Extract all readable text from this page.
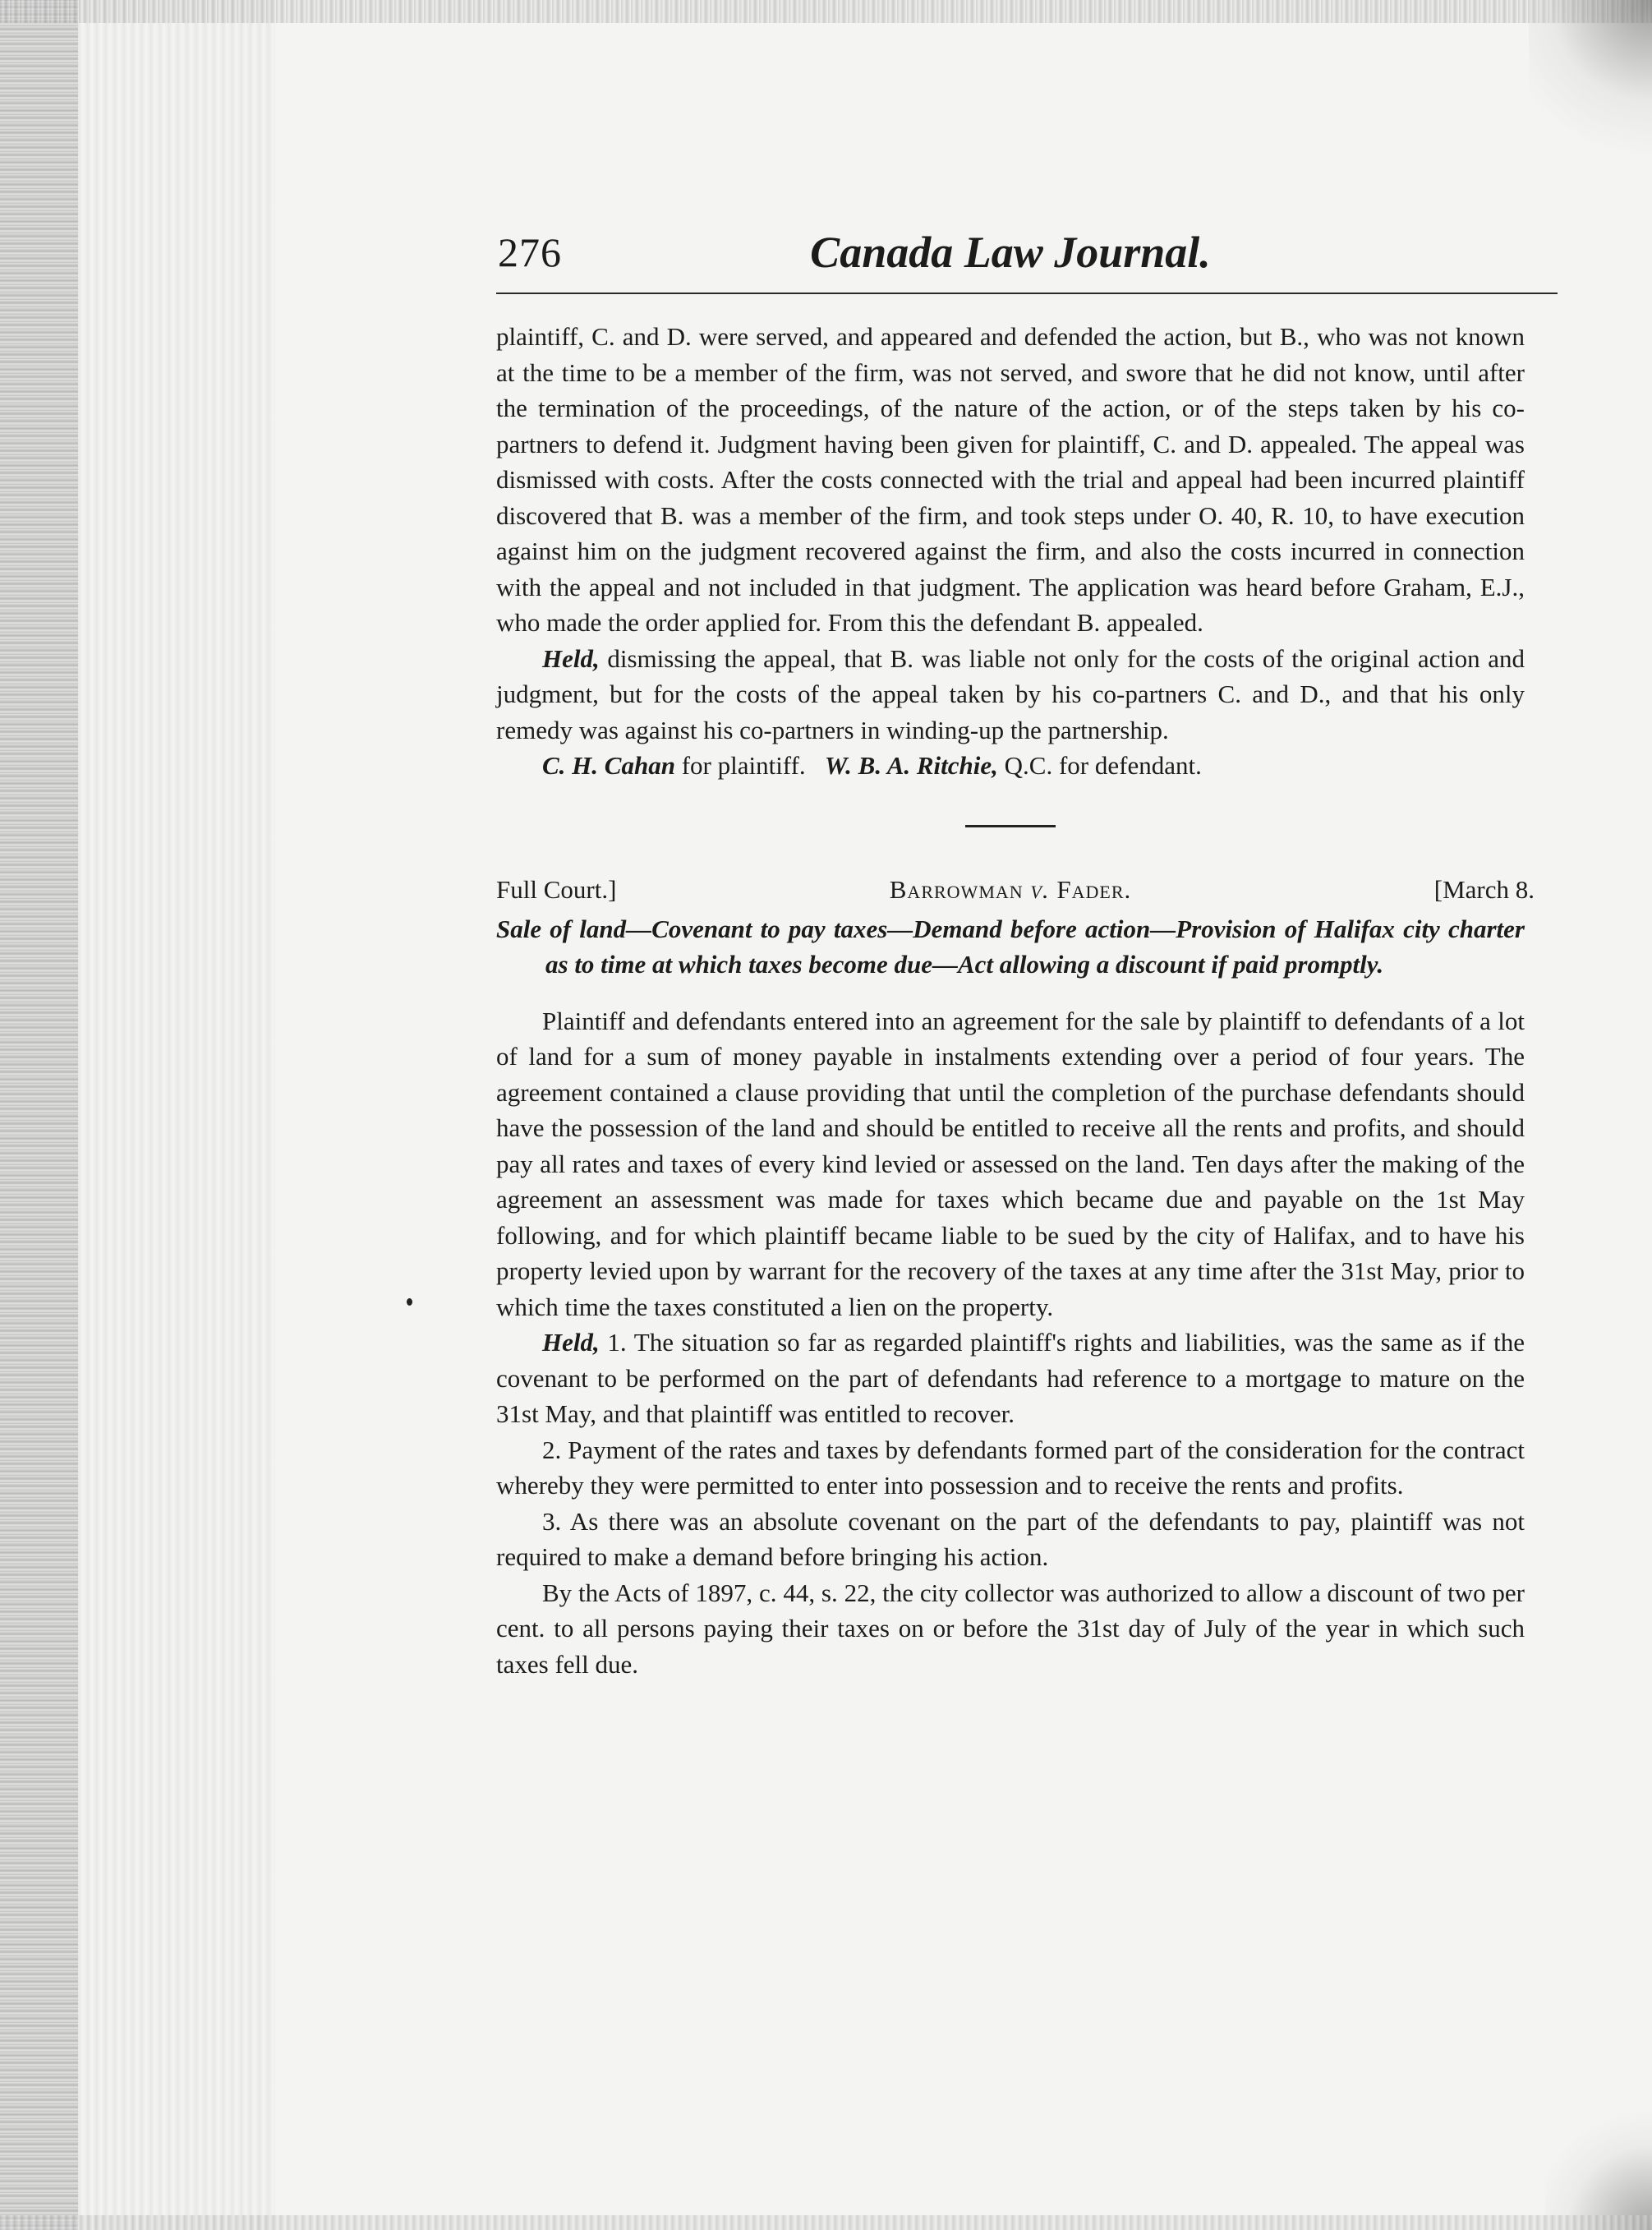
276	Canada Law Journal.

plaintiff, C. and D. were served, and appeared and defended the action, but B., who was not known at the time to be a member of the firm, was not served, and swore that he did not know, until after the termination of the proceedings, of the nature of the action, or of the steps taken by his co-partners to defend it. Judgment having been given for plaintiff, C. and D. appealed. The appeal was dismissed with costs. After the costs connected with the trial and appeal had been incurred plaintiff discovered that B. was a member of the firm, and took steps under O. 40, R. 10, to have execution against him on the judgment recovered against the firm, and also the costs incurred in connection with the appeal and not included in that judgment. The application was heard before Graham, E.J., who made the order applied for. From this the defendant B. appealed.

Held, dismissing the appeal, that B. was liable not only for the costs of the original action and judgment, but for the costs of the appeal taken by his co-partners C. and D., and that his only remedy was against his co-partners in winding-up the partnership.

C. H. Cahan for plaintiff. W. B. A. Ritchie, Q.C. for defendant.

Full Court.]	Barrowman v. Fader.	[March 8.

Sale of land—Covenant to pay taxes—Demand before action—Provision of Halifax city charter as to time at which taxes become due—Act allowing a discount if paid promptly.

Plaintiff and defendants entered into an agreement for the sale by plaintiff to defendants of a lot of land for a sum of money payable in instalments extending over a period of four years. The agreement contained a clause providing that until the completion of the purchase defendants should have the possession of the land and should be entitled to receive all the rents and profits, and should pay all rates and taxes of every kind levied or assessed on the land. Ten days after the making of the agreement an assessment was made for taxes which became due and payable on the 1st May following, and for which plaintiff became liable to be sued by the city of Halifax, and to have his property levied upon by warrant for the recovery of the taxes at any time after the 31st May, prior to which time the taxes constituted a lien on the property.

Held, 1. The situation so far as regarded plaintiff's rights and liabilities, was the same as if the covenant to be performed on the part of defendants had reference to a mortgage to mature on the 31st May, and that plaintiff was entitled to recover.

2. Payment of the rates and taxes by defendants formed part of the consideration for the contract whereby they were permitted to enter into possession and to receive the rents and profits.

3. As there was an absolute covenant on the part of the defendants to pay, plaintiff was not required to make a demand before bringing his action.

By the Acts of 1897, c. 44, s. 22, the city collector was authorized to allow a discount of two per cent. to all persons paying their taxes on or before the 31st day of July of the year in which such taxes fell due.
